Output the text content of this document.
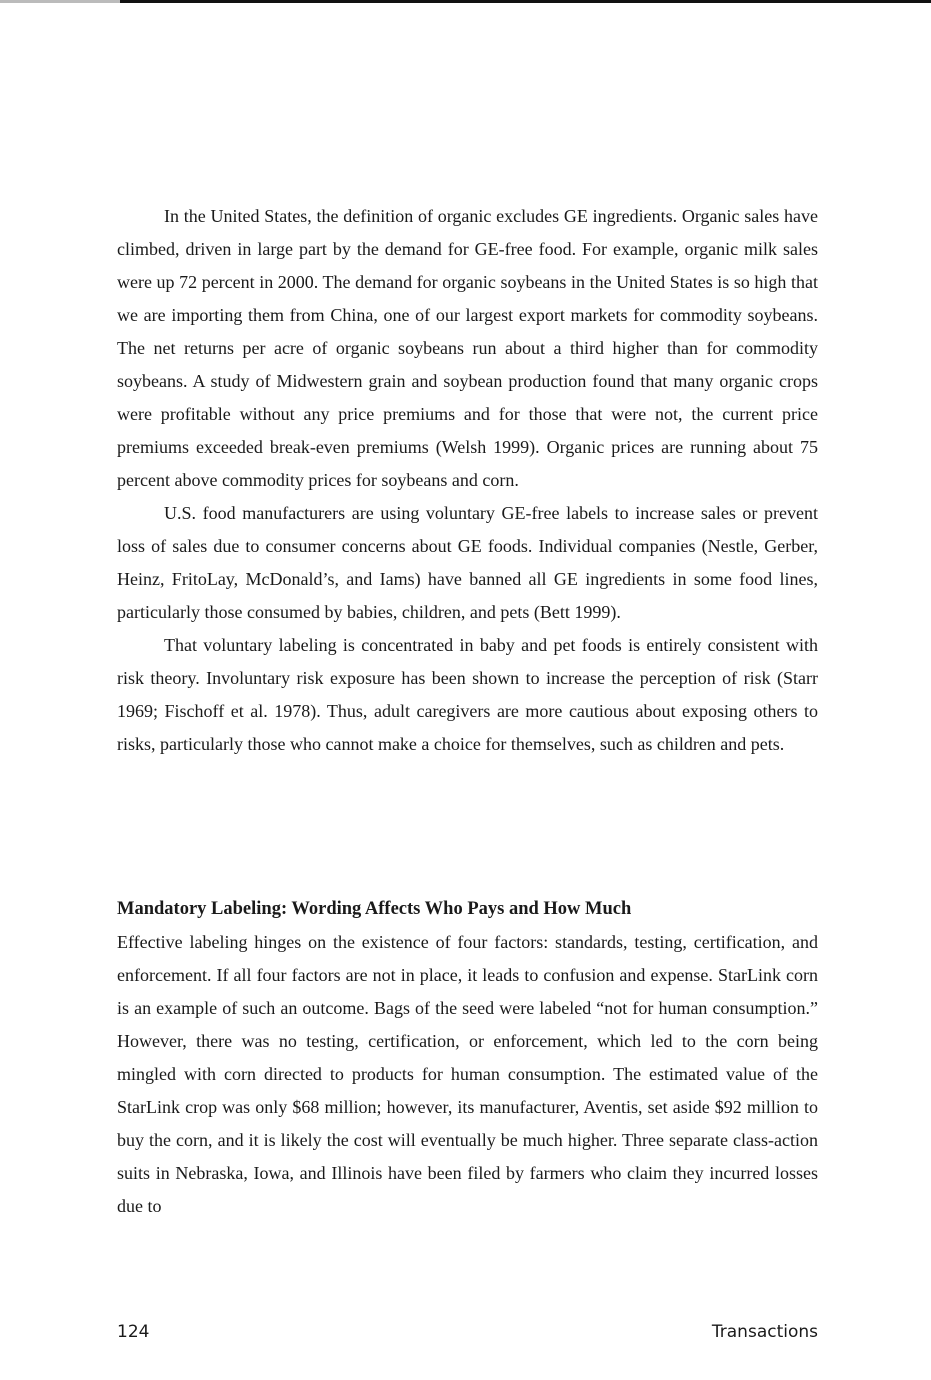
In the United States, the definition of organic excludes GE ingredients. Organic sales have climbed, driven in large part by the demand for GE-free food. For example, organic milk sales were up 72 percent in 2000. The demand for organic soybeans in the United States is so high that we are importing them from China, one of our largest export markets for commodity soybeans. The net returns per acre of organic soybeans run about a third higher than for commodity soybeans. A study of Midwestern grain and soybean production found that many organic crops were profitable without any price premiums and for those that were not, the current price premiums exceeded break-even premiums (Welsh 1999). Organic prices are running about 75 percent above commodity prices for soybeans and corn.

U.S. food manufacturers are using voluntary GE-free labels to increase sales or prevent loss of sales due to consumer concerns about GE foods. Individual companies (Nestle, Gerber, Heinz, FritoLay, McDonald’s, and Iams) have banned all GE ingredients in some food lines, particularly those consumed by babies, children, and pets (Bett 1999).

That voluntary labeling is concentrated in baby and pet foods is entirely consistent with risk theory. Involuntary risk exposure has been shown to increase the perception of risk (Starr 1969; Fischoff et al. 1978). Thus, adult caregivers are more cautious about exposing others to risks, particularly those who cannot make a choice for themselves, such as children and pets.

Mandatory Labeling: Wording Affects Who Pays and How Much

Effective labeling hinges on the existence of four factors: standards, testing, certification, and enforcement. If all four factors are not in place, it leads to confusion and expense. StarLink corn is an example of such an outcome. Bags of the seed were labeled “not for human consumption.” However, there was no testing, certification, or enforcement, which led to the corn being mingled with corn directed to products for human consumption. The estimated value of the StarLink crop was only $68 million; however, its manufacturer, Aventis, set aside $92 million to buy the corn, and it is likely the cost will eventually be much higher. Three separate class-action suits in Nebraska, Iowa, and Illinois have been filed by farmers who claim they incurred losses due to

124	Transactions
